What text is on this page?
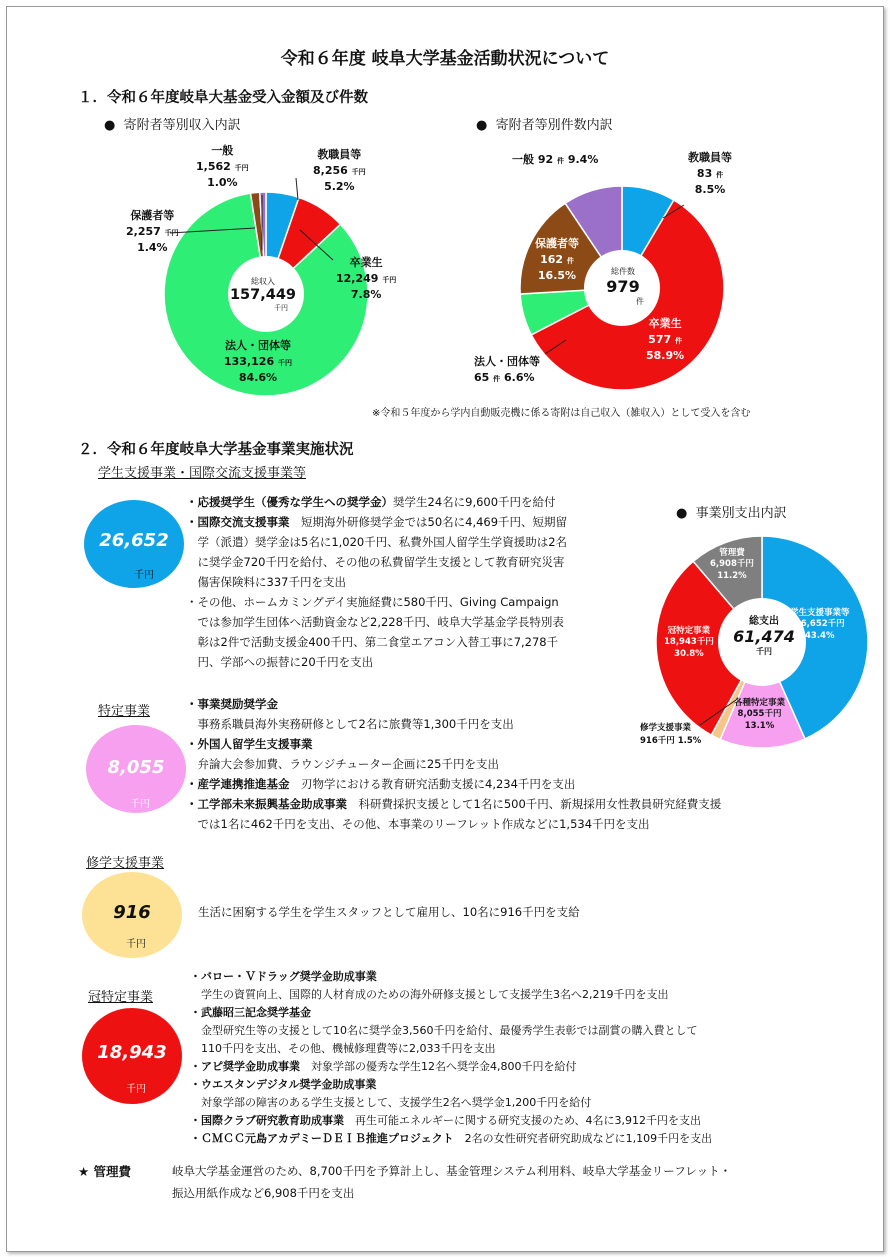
令和６年度 岐阜大学基金活動状況について
１．令和６年度岐阜大基金受入金額及び件数
●  寄附者等別収入内訳	●  寄附者等別件数内訳
総収入
157,449
千円
一般
1,562 千円
1.0%
教職員等
8,256 千円
5.2%
保護者等
2,257 千円
1.4%
卒業生
12,249 千円
7.8%
法人・団体等
133,126 千円
84.6%
総件数
979
件
一般 92 件 9.4%	教職員等
83 件
8.5%
保護者等
162 件
16.5%
卒業生
577 件
58.9%
法人・団体等
65 件 6.6%
※令和５年度から学内自動販売機に係る寄附は自己収入（雑収入）として受入を含む
２．令和６年度岐阜大学基金事業実施状況
学生支援事業・国際交流支援事業等
●  事業別支出内訳
総支出
61,474
千円
学生支援事業等
26,652千円
43.4%
冠特定事業
18,943千円
30.8%
管理費
6,908千円
11.2%
各種特定事業
8,055千円
13.1%
修学支援事業
916千円 1.5%
26,652
千円
・応援奨学生（優秀な学生への奨学金）奨学生24名に9,600千円を給付
・国際交流支援事業　短期海外研修奨学金では50名に4,469千円、短期留
　学（派遣）奨学金は5名に1,020千円、私費外国人留学生学資援助は2名
　に奨学金720千円を給付、その他の私費留学生支援として教育研究災害
　傷害保険料に337千円を支出
・その他、ホームカミングデイ実施経費に580千円、Giving Campaign
　では参加学生団体へ活動資金など2,228千円、岐阜大学基金学長特別表
　彰は2件で活動支援金400千円、第二食堂エアコン入替工事に7,278千
　円、学部への振替に20千円を支出
特定事業
8,055
千円
・事業奨励奨学金
　事務系職員海外実務研修として2名に旅費等1,300千円を支出
・外国人留学生支援事業
　弁論大会参加費、ラウンジチューター企画に25千円を支出
・産学連携推進基金　刃物学における教育研究活動支援に4,234千円を支出
・工学部未来振興基金助成事業　科研費採択支援として1名に500千円、新規採用女性教員研究経費支援
　では1名に462千円を支出、その他、本事業のリーフレット作成などに1,534千円を支出
修学支援事業
916
千円
生活に困窮する学生を学生スタッフとして雇用し、10名に916千円を支給
冠特定事業
18,943
千円
・バロー・Ｖドラッグ奨学金助成事業
　学生の資質向上、国際的人材育成のための海外研修支援として支援学生3名へ2,219千円を支出
・武藤昭三記念奨学基金
　金型研究生等の支援として10名に奨学金3,560千円を給付、最優秀学生表彰では副賞の購入費として
　110千円を支出、その他、機械修理費等に2,033千円を支出
・アピ奨学金助成事業　対象学部の優秀な学生12名へ奨学金4,800千円を給付
・ウエスタンデジタル奨学金助成事業
　対象学部の障害のある学生支援として、支援学生2名へ奨学金1,200千円を給付
・国際クラブ研究教育助成事業　再生可能エネルギーに関する研究支援のため、4名に3,912千円を支出
・ＣＭＣＣ元島アカデミーＤＥＩＢ推進プロジェクト　2名の女性研究者研究助成などに1,109千円を支出
★ 管理費	岐阜大学基金運営のため、8,700千円を予算計上し、基金管理システム利用料、岐阜大学基金リーフレット・
振込用紙作成など6,908千円を支出
